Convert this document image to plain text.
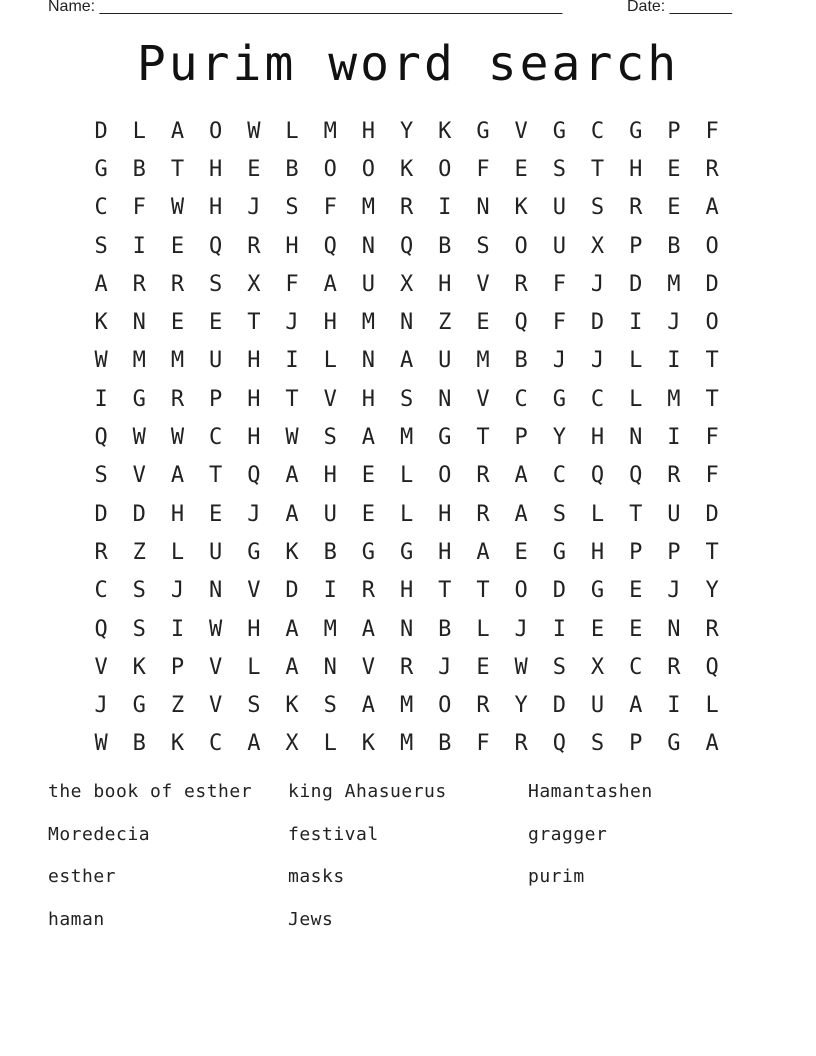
Name: ____________________________________________________	Date: _______
Purim word search
D	L	A	O	W	L	M	H	Y	K	G	V	G	C	G	P	F
G	B	T	H	E	B	O	O	K	O	F	E	S	T	H	E	R
C	F	W	H	J	S	F	M	R	I	N	K	U	S	R	E	A
S	I	E	Q	R	H	Q	N	Q	B	S	O	U	X	P	B	O
A	R	R	S	X	F	A	U	X	H	V	R	F	J	D	M	D
K	N	E	E	T	J	H	M	N	Z	E	Q	F	D	I	J	O
W	M	M	U	H	I	L	N	A	U	M	B	J	J	L	I	T
I	G	R	P	H	T	V	H	S	N	V	C	G	C	L	M	T
Q	W	W	C	H	W	S	A	M	G	T	P	Y	H	N	I	F
S	V	A	T	Q	A	H	E	L	O	R	A	C	Q	Q	R	F
D	D	H	E	J	A	U	E	L	H	R	A	S	L	T	U	D
R	Z	L	U	G	K	B	G	G	H	A	E	G	H	P	P	T
C	S	J	N	V	D	I	R	H	T	T	O	D	G	E	J	Y
Q	S	I	W	H	A	M	A	N	B	L	J	I	E	E	N	R
V	K	P	V	L	A	N	V	R	J	E	W	S	X	C	R	Q
J	G	Z	V	S	K	S	A	M	O	R	Y	D	U	A	I	L
W	B	K	C	A	X	L	K	M	B	F	R	Q	S	P	G	A
the book of esther	king Ahasuerus	Hamantashen
Moredecia	festival	gragger
esther	masks	purim
haman	Jews
